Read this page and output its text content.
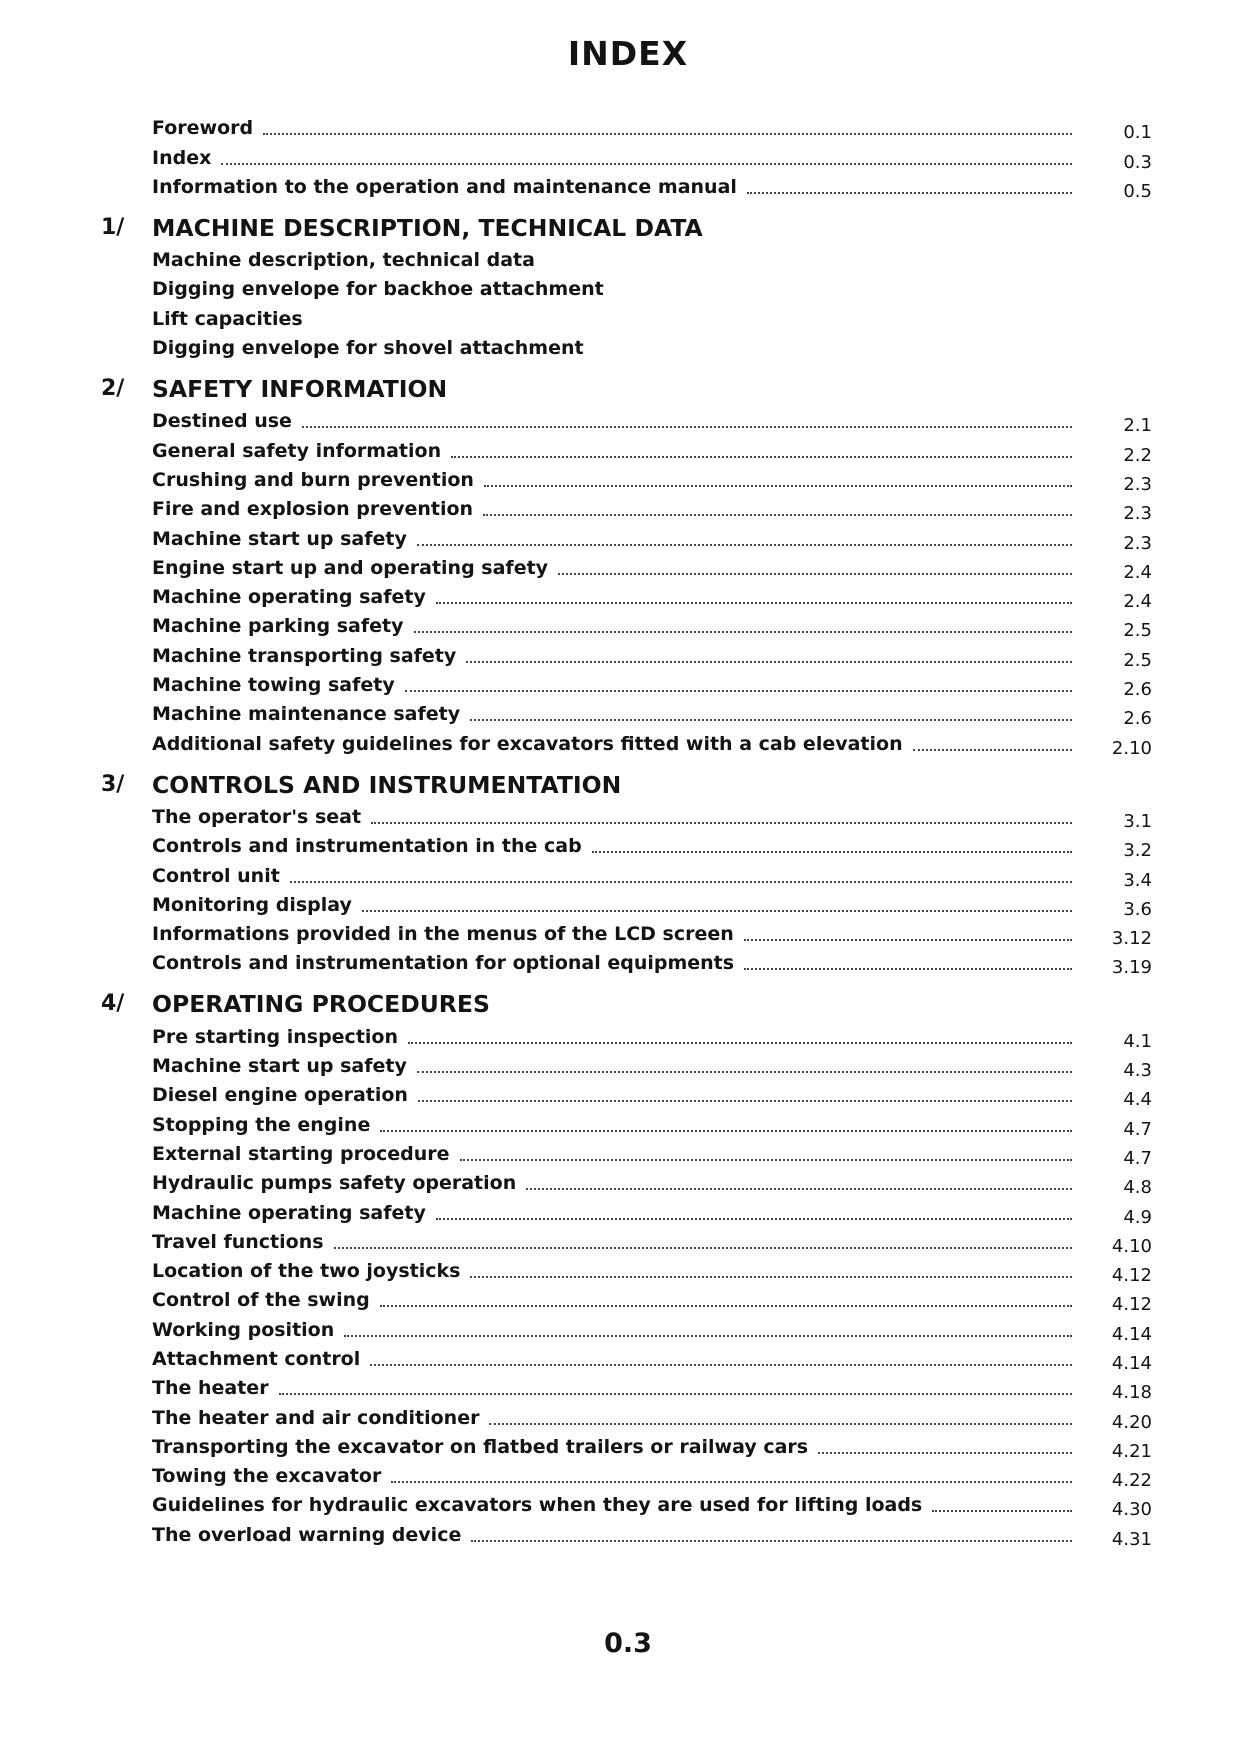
INDEX
Foreword	0.1
Index	0.3
Information to the operation and maintenance manual	0.5
1/ MACHINE DESCRIPTION, TECHNICAL DATA
Machine description, technical data
Digging envelope for backhoe attachment
Lift capacities
Digging envelope for shovel attachment
2/ SAFETY INFORMATION
Destined use	2.1
General safety information	2.2
Crushing and burn prevention	2.3
Fire and explosion prevention	2.3
Machine start up safety	2.3
Engine start up and operating safety	2.4
Machine operating safety	2.4
Machine parking safety	2.5
Machine transporting safety	2.5
Machine towing safety	2.6
Machine maintenance safety	2.6
Additional safety guidelines for excavators fitted with a cab elevation	2.10
3/ CONTROLS AND INSTRUMENTATION
The operator's seat	3.1
Controls and instrumentation in the cab	3.2
Control unit	3.4
Monitoring display	3.6
Informations provided in the menus of the LCD screen	3.12
Controls and instrumentation for optional equipments	3.19
4/ OPERATING PROCEDURES
Pre starting inspection	4.1
Machine start up safety	4.3
Diesel engine operation	4.4
Stopping the engine	4.7
External starting procedure	4.7
Hydraulic pumps safety operation	4.8
Machine operating safety	4.9
Travel functions	4.10
Location of the two joysticks	4.12
Control of the swing	4.12
Working position	4.14
Attachment control	4.14
The heater	4.18
The heater and air conditioner	4.20
Transporting the excavator on flatbed trailers or railway cars	4.21
Towing the excavator	4.22
Guidelines for hydraulic excavators when they are used for lifting loads	4.30
The overload warning device	4.31
0.3
